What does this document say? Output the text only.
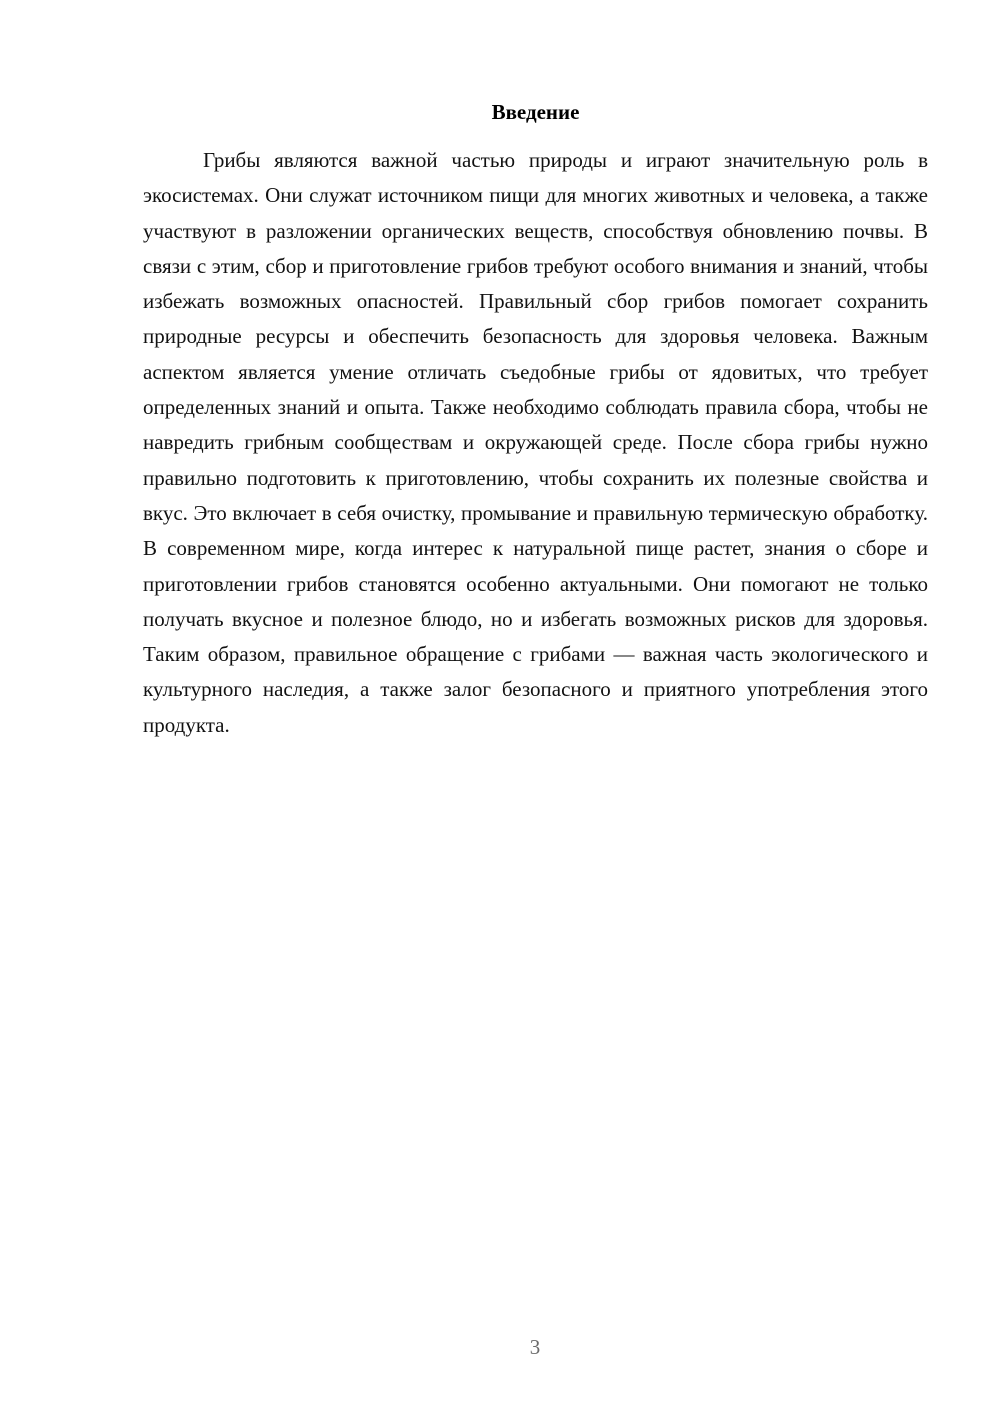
Введение

Грибы являются важной частью природы и играют значительную роль в экосистемах. Они служат источником пищи для многих животных и человека, а также участвуют в разложении органических веществ, способствуя обновлению почвы. В связи с этим, сбор и приготовление грибов требуют особого внимания и знаний, чтобы избежать возможных опасностей. Правильный сбор грибов помогает сохранить природные ресурсы и обеспечить безопасность для здоровья человека. Важным аспектом является умение отличать съедобные грибы от ядовитых, что требует определенных знаний и опыта. Также необходимо соблюдать правила сбора, чтобы не навредить грибным сообществам и окружающей среде. После сбора грибы нужно правильно подготовить к приготовлению, чтобы сохранить их полезные свойства и вкус. Это включает в себя очистку, промывание и правильную термическую обработку. В современном мире, когда интерес к натуральной пище растет, знания о сборе и приготовлении грибов становятся особенно актуальными. Они помогают не только получать вкусное и полезное блюдо, но и избегать возможных рисков для здоровья. Таким образом, правильное обращение с грибами — важная часть экологического и культурного наследия, а также залог безопасного и приятного употребления этого продукта.

3
